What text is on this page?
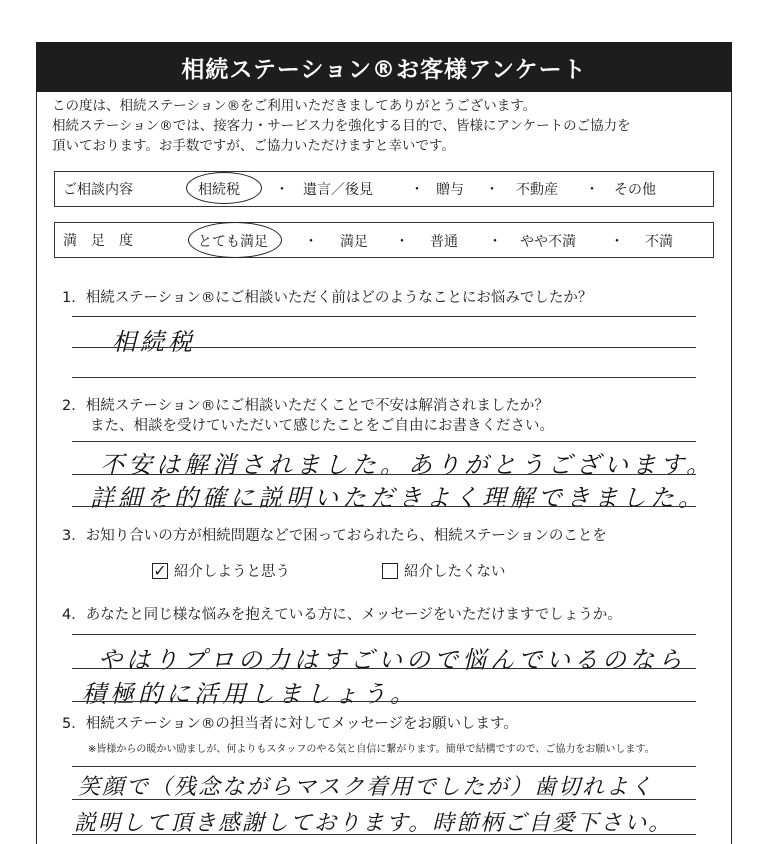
相続ステーション®お客様アンケート
この度は、相続ステーション®をご利用いただきましてありがとうございます。
相続ステーション®では、接客力・サービス力を強化する目的で、皆様にアンケートのご協力を
頂いております。お手数ですが、ご協力いただけますと幸いです。
ご相談内容	相続税	・ 遺言／後見	・ 贈与 ・ 不動産 ・ その他
満　足　度	とても満足	・ 満足 ・ 普通 ・ やや不満 ・ 不満
1．相続ステーション®にご相談いただく前はどのようなことにお悩みでしたか？
相続税
2．相続ステーション®にご相談いただくことで不安は解消されましたか？
また、相談を受けていただいて感じたことをご自由にお書きください。
不安は解消されました。ありがとうございます。
詳細を的確に説明いただきよく理解できました。
3．お知り合いの方が相続問題などで困っておられたら、相続ステーションのことを
✓ 紹介しようと思う	紹介したくない
4．あなたと同じ様な悩みを抱えている方に、メッセージをいただけますでしょうか。
やはりプロの力はすごいので悩んでいるのなら
積極的に活用しましょう。
5．相続ステーション®の担当者に対してメッセージをお願いします。
※皆様からの暖かい励ましが、何よりもスタッフのやる気と自信に繋がります。簡単で結構ですので、ご協力をお願いします。
笑顔で（残念ながらマスク着用でしたが）歯切れよく
説明して頂き感謝しております。時節柄ご自愛下さい。
